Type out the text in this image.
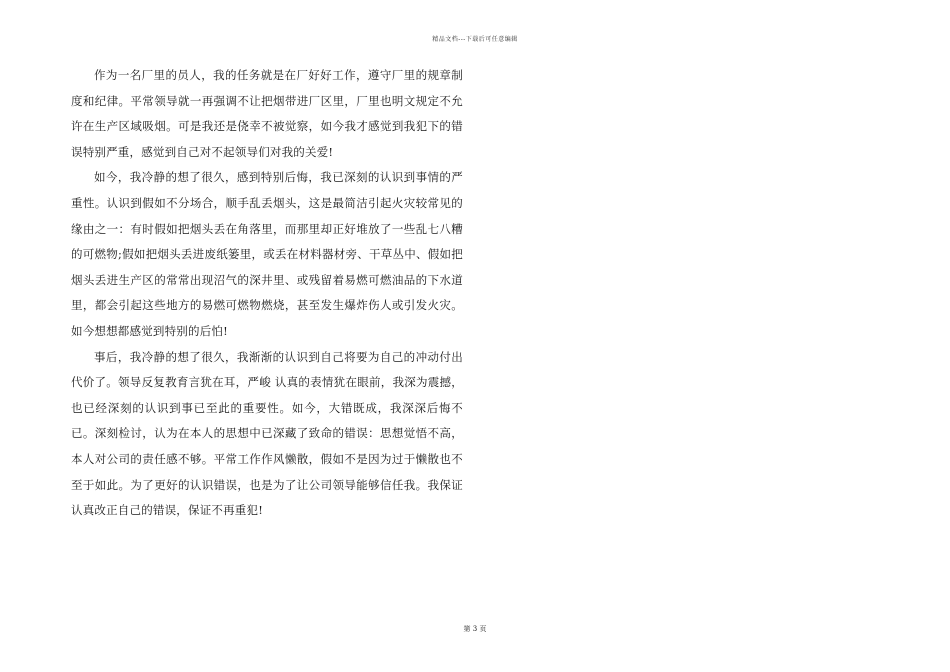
精品文档---下载后可任意编辑

作为一名厂里的员人，我的任务就是在厂好好工作，遵守厂里的规章制度和纪律。平常领导就一再强调不让把烟带进厂区里，厂里也明文规定不允许在生产区域吸烟。可是我还是侥幸不被觉察，如今我才感觉到我犯下的错误特别严重，感觉到自己对不起领导们对我的关爱!

如今，我冷静的想了很久，感到特别后悔，我已深刻的认识到事情的严重性。认识到假如不分场合，顺手乱丢烟头，这是最简洁引起火灾较常见的缘由之一：有时假如把烟头丢在角落里，而那里却正好堆放了一些乱七八糟的可燃物;假如把烟头丢进废纸篓里，或丢在材料器材旁、干草丛中、假如把烟头丢进生产区的常常出现沼气的深井里、或残留着易燃可燃油品的下水道里，都会引起这些地方的易燃可燃物燃烧，甚至发生爆炸伤人或引发火灾。如今想想都感觉到特别的后怕!

事后，我冷静的想了很久，我渐渐的认识到自己将要为自己的冲动付出代价了。领导反复教育言犹在耳，严峻 认真的表情犹在眼前，我深为震撼，也已经深刻的认识到事已至此的重要性。如今，大错既成，我深深后悔不已。深刻检讨，认为在本人的思想中已深藏了致命的错误：思想觉悟不高，本人对公司的责任感不够。平常工作作风懒散，假如不是因为过于懒散也不至于如此。为了更好的认识错误，也是为了让公司领导能够信任我。我保证认真改正自己的错误，保证不再重犯!

第 3 页
